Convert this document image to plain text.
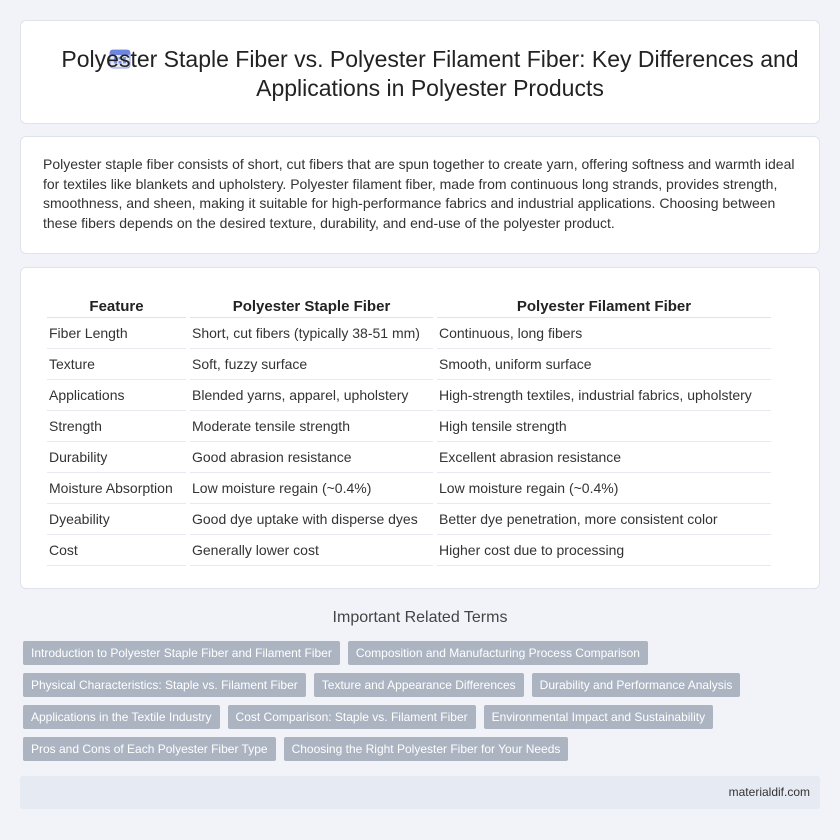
Polyester Staple Fiber vs. Polyester Filament Fiber: Key Differences and Applications in Polyester Products

Polyester staple fiber consists of short, cut fibers that are spun together to create yarn, offering softness and warmth ideal for textiles like blankets and upholstery. Polyester filament fiber, made from continuous long strands, provides strength, smoothness, and sheen, making it suitable for high-performance fabrics and industrial applications. Choosing between these fibers depends on the desired texture, durability, and end-use of the polyester product.

Feature	Polyester Staple Fiber	Polyester Filament Fiber
Fiber Length	Short, cut fibers (typically 38-51 mm)	Continuous, long fibers
Texture	Soft, fuzzy surface	Smooth, uniform surface
Applications	Blended yarns, apparel, upholstery	High-strength textiles, industrial fabrics, upholstery
Strength	Moderate tensile strength	High tensile strength
Durability	Good abrasion resistance	Excellent abrasion resistance
Moisture Absorption	Low moisture regain (~0.4%)	Low moisture regain (~0.4%)
Dyeability	Good dye uptake with disperse dyes	Better dye penetration, more consistent color
Cost	Generally lower cost	Higher cost due to processing
Important Related Terms
Introduction to Polyester Staple Fiber and Filament Fiber	Composition and Manufacturing Process Comparison
Physical Characteristics: Staple vs. Filament Fiber	Texture and Appearance Differences	Durability and Performance Analysis
Applications in the Textile Industry	Cost Comparison: Staple vs. Filament Fiber	Environmental Impact and Sustainability
Pros and Cons of Each Polyester Fiber Type	Choosing the Right Polyester Fiber for Your Needs
materialdif.com
